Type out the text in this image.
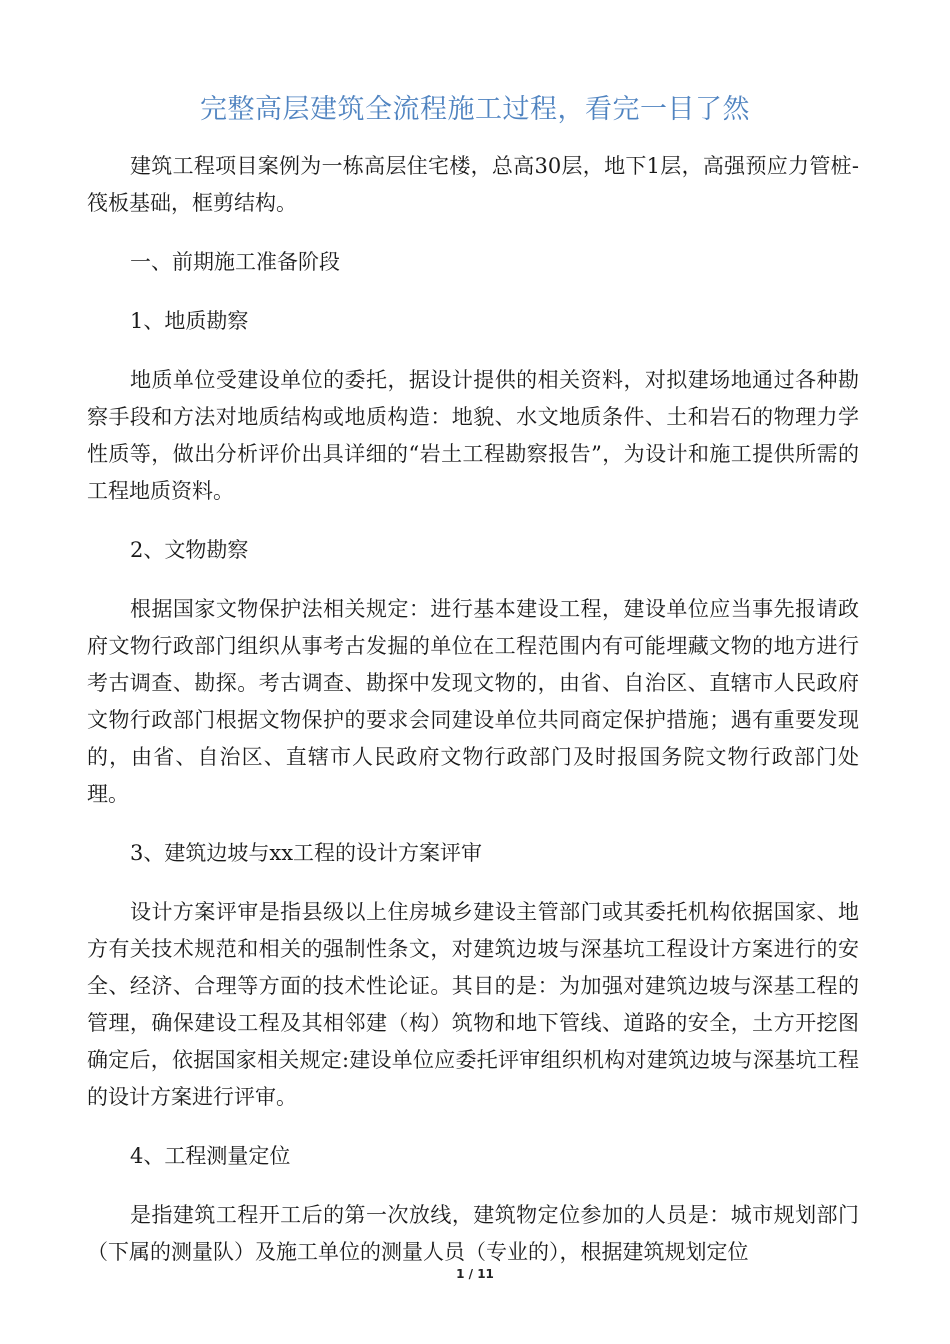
完整高层建筑全流程施工过程，看完一目了然

建筑工程项目案例为一栋高层住宅楼，总高30层，地下1层，高强预应力管桩-筏板基础，框剪结构。

一、前期施工准备阶段

1、地质勘察

地质单位受建设单位的委托，据设计提供的相关资料，对拟建场地通过各种勘察手段和方法对地质结构或地质构造：地貌、水文地质条件、土和岩石的物理力学性质等，做出分析评价出具详细的“岩土工程勘察报告”，为设计和施工提供所需的工程地质资料。

2、文物勘察

根据国家文物保护法相关规定：进行基本建设工程，建设单位应当事先报请政府文物行政部门组织从事考古发掘的单位在工程范围内有可能埋藏文物的地方进行考古调查、勘探。考古调查、勘探中发现文物的，由省、自治区、直辖市人民政府文物行政部门根据文物保护的要求会同建设单位共同商定保护措施；遇有重要发现的，由省、自治区、直辖市人民政府文物行政部门及时报国务院文物行政部门处理。

3、建筑边坡与xx工程的设计方案评审

设计方案评审是指县级以上住房城乡建设主管部门或其委托机构依据国家、地方有关技术规范和相关的强制性条文，对建筑边坡与深基坑工程设计方案进行的安全、经济、合理等方面的技术性论证。其目的是：为加强对建筑边坡与深基工程的管理，确保建设工程及其相邻建（构）筑物和地下管线、道路的安全，土方开挖图确定后，依据国家相关规定:建设单位应委托评审组织机构对建筑边坡与深基坑工程的设计方案进行评审。

4、工程测量定位

是指建筑工程开工后的第一次放线，建筑物定位参加的人员是：城市规划部门（下属的测量队）及施工单位的测量人员（专业的），根据建筑规划定位

1 / 11
